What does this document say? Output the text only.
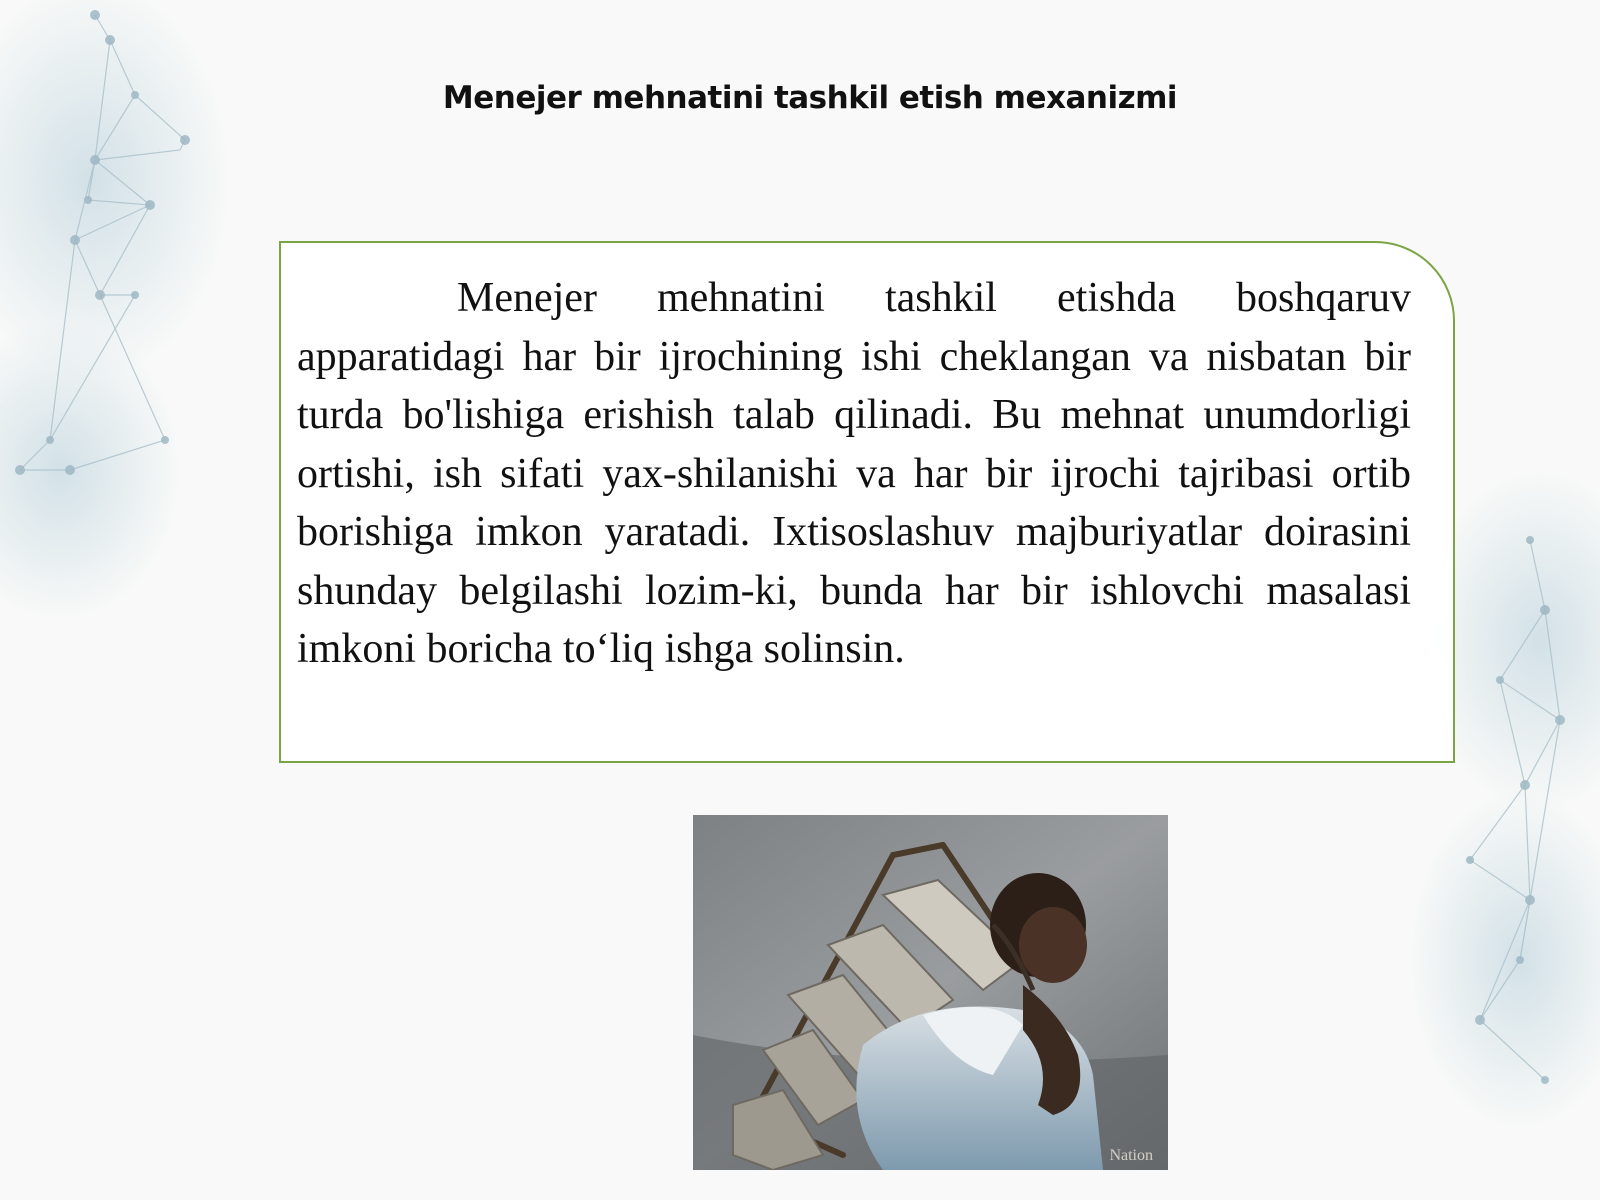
Menejer mehnatini tashkil etish mexanizmi

Menejer mehnatini tashkil etishda boshqaruv apparatidagi har bir ijrochining ishi cheklangan va nisbatan bir turda bo'lishiga erishish talab qilinadi. Bu mehnat unumdorligi ortishi, ish sifati yax-shilanishi va har bir ijrochi tajribasi ortib borishiga imkon yaratadi. Ixtisoslashuv majburiyatlar doirasini shunday belgilashi lozim-ki, bunda har bir ishlovchi masalasi imkoni boricha to‘liq ishga solinsin.

Nation
